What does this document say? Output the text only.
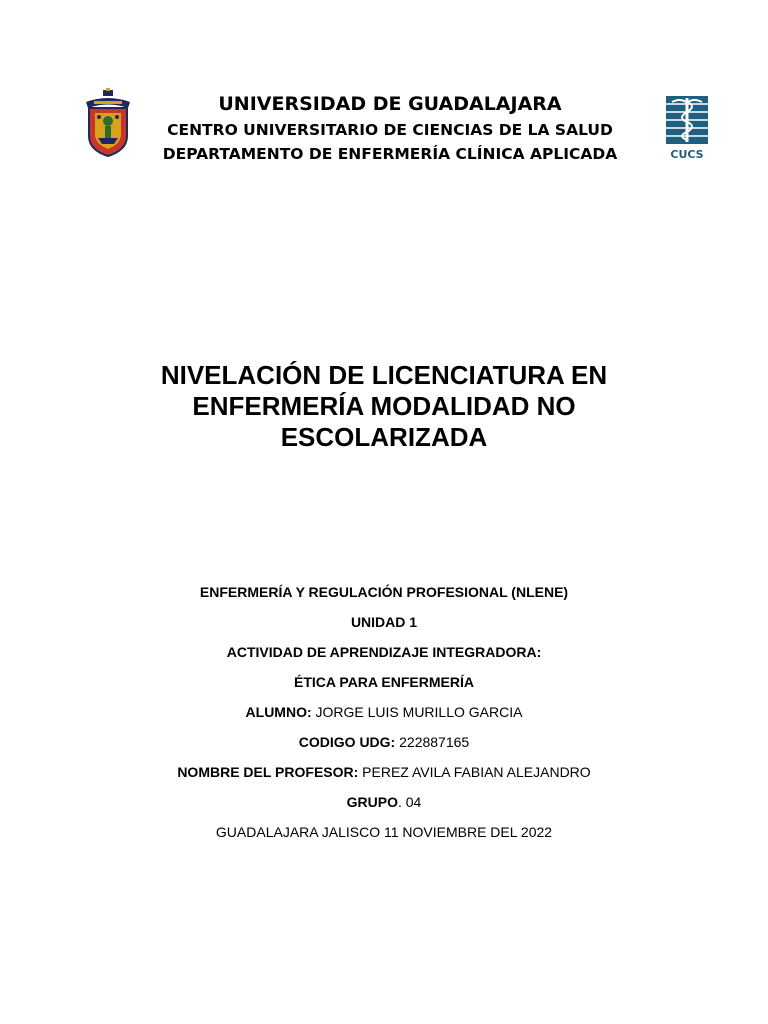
UNIVERSIDAD DE GUADALAJARA
CENTRO UNIVERSITARIO DE CIENCIAS DE LA SALUD
DEPARTAMENTO DE ENFERMERÍA CLÍNICA APLICADA	CUCS
NIVELACIÓN DE LICENCIATURA EN
ENFERMERÍA MODALIDAD NO
ESCOLARIZADA
ENFERMERÍA Y REGULACIÓN PROFESIONAL (NLENE)
UNIDAD 1
ACTIVIDAD DE APRENDIZAJE INTEGRADORA:
ÉTICA PARA ENFERMERÍA
ALUMNO: JORGE LUIS MURILLO GARCIA
CODIGO UDG: 222887165
NOMBRE DEL PROFESOR: PEREZ AVILA FABIAN ALEJANDRO
GRUPO. 04
GUADALAJARA JALISCO 11 NOVIEMBRE DEL 2022
